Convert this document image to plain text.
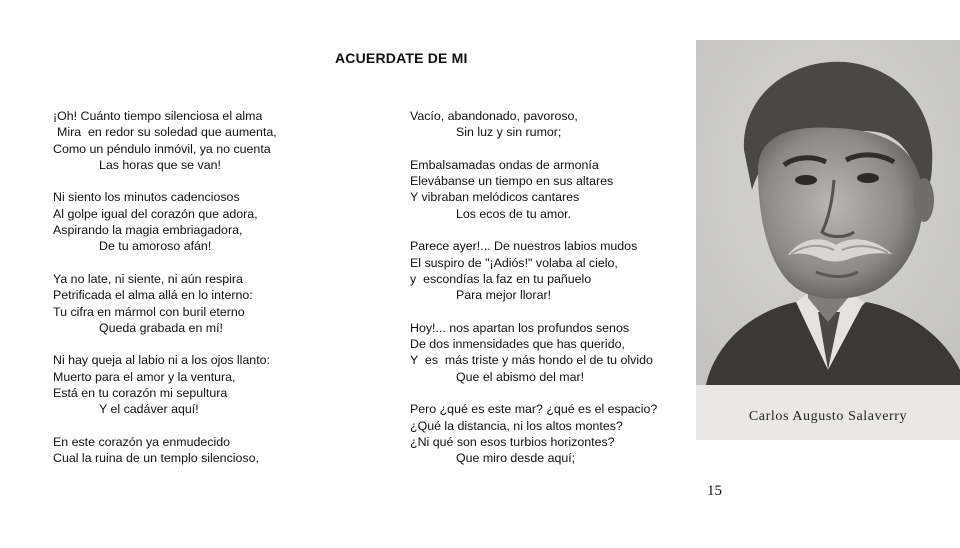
ACUERDATE DE MI
¡Oh! Cuánto tiempo silenciosa el alma
Mira  en redor su soledad que aumenta,
Como un péndulo inmóvil, ya no cuenta
Las horas que se van!
Ni siento los minutos cadenciosos
Al golpe igual del corazón que adora,
Aspirando la magia embriagadora,
De tu amoroso afán!
Ya no late, ni siente, ni aún respira
Petrificada el alma allá en lo interno:
Tu cifra en mármol con buril eterno
Queda grabada en mí!
Ni hay queja al labio ni a los ojos llanto:
Muerto para el amor y la ventura,
Está en tu corazón mi sepultura
Y el cadáver aquí!
En este corazón ya enmudecido
Cual la ruina de un templo silencioso,
Vacío, abandonado, pavoroso,
Sin luz y sin rumor;
Embalsamadas ondas de armonía
Elevábanse un tiempo en sus altares
Y vibraban melódicos cantares
Los ecos de tu amor.
Parece ayer!... De nuestros labios mudos
El suspiro de "¡Adiós!" volaba al cielo,
y  escondías la faz en tu pañuelo
Para mejor llorar!
Hoy!... nos apartan los profundos senos
De dos inmensidades que has querido,
Y  es  más triste y más hondo el de tu olvido
Que el abismo del mar!
Pero ¿qué es este mar? ¿qué es el espacio?
¿Qué la distancia, ni los altos montes?
¿Ni qué son esos turbios horizontes?
Que miro desde aquí;
Carlos Augusto Salaverry
15
